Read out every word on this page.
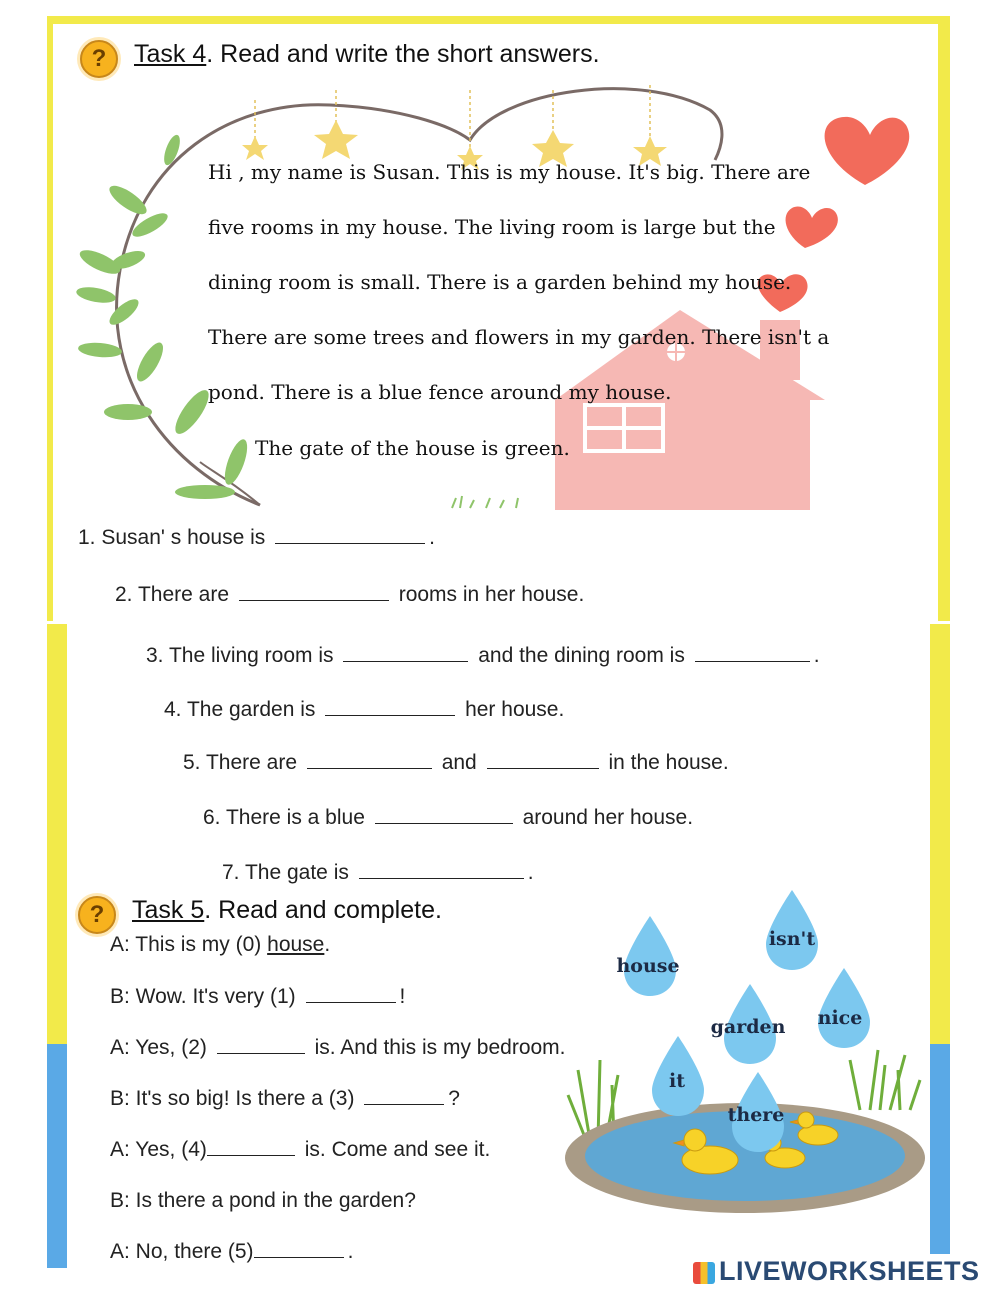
?	Task 4. Read and write the short answers.
Hi , my name is Susan. This is my house. It's big. There are
five rooms in my house. The living room is large but the
dining room is small. There is a garden behind my house.
There are some trees and flowers in my garden. There isn't a
pond. There is a blue fence around my house.
The gate of the house is green.
1. Susan' s house is	.
2. There are	rooms in her house.
3. The living room is	and the dining room is	.
4. The garden is	her house.
5. There are	and	in the house.
6. There is a blue	around her house.
7. The gate is	.
?	Task 5. Read and complete.
A: This is my (0) house.
B: Wow. It's very (1)	!
A: Yes, (2)	is. And this is my bedroom.
B: It's so big! Is there a (3)	?
A: Yes, (4)	is. Come and see it.
B: Is there a pond in the garden?
A: No, there (5)	.
isn't
house
garden	nice
it
there
LIVEWORKSHEETS
